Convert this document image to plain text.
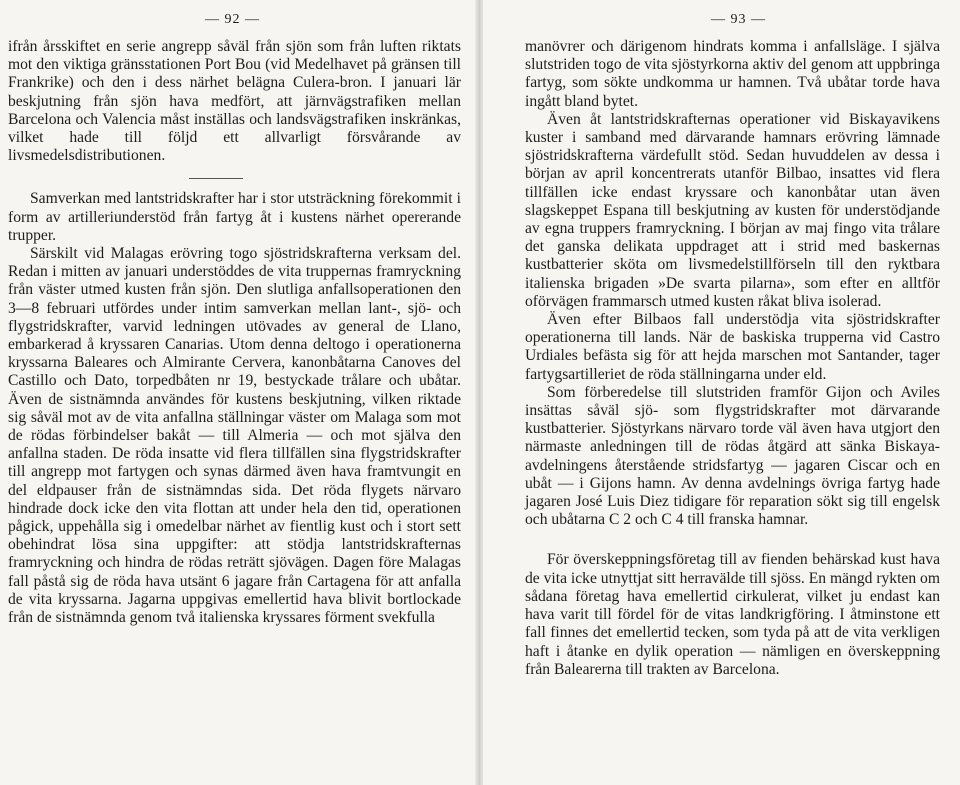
— 92 —

ifrån årsskiftet en serie angrepp såväl från sjön som från luften riktats mot den viktiga gränsstationen Port Bou (vid Medelhavet på gränsen till Frankrike) och den i dess närhet belägna Culera-bron. I januari lär beskjutning från sjön hava medfört, att järnvägstrafiken mellan Barcelona och Valencia måst inställas och landsvägstrafiken inskränkas, vilket hade till följd ett allvarligt försvårande av livsmedelsdistributionen.

Samverkan med lantstridskrafter har i stor utsträckning förekommit i form av artilleriunderstöd från fartyg åt i kustens närhet opererande trupper.

Särskilt vid Malagas erövring togo sjöstridskrafterna verksam del. Redan i mitten av januari understöddes de vita truppernas framryckning från väster utmed kusten från sjön. Den slutliga anfallsoperationen den 3—8 februari utfördes under intim samverkan mellan lant-, sjö- och flygstridskrafter, varvid ledningen utövades av general de Llano, embarkerad å kryssaren Canarias. Utom denna deltogo i operationerna kryssarna Baleares och Almirante Cervera, kanonbåtarna Canoves del Castillo och Dato, torpedbåten nr 19, bestyckade trålare och ubåtar. Även de sistnämnda användes för kustens beskjutning, vilken riktade sig såväl mot av de vita anfallna ställningar väster om Malaga som mot de rödas förbindelser bakåt — till Almeria — och mot själva den anfallna staden. De röda insatte vid flera tillfällen sina flygstridskrafter till angrepp mot fartygen och synas därmed även hava framtvungit en del eldpauser från de sistnämndas sida. Det röda flygets närvaro hindrade dock icke den vita flottan att under hela den tid, operationen pågick, uppehålla sig i omedelbar närhet av fientlig kust och i stort sett obehindrat lösa sina uppgifter: att stödja lantstridskrafternas framryckning och hindra de rödas reträtt sjövägen. Dagen före Malagas fall påstå sig de röda hava utsänt 6 jagare från Cartagena för att anfalla de vita kryssarna. Jagarna uppgivas emellertid hava blivit bortlockade från de sistnämnda genom två italienska kryssares förment svekfulla

— 93 —

manövrer och därigenom hindrats komma i anfallsläge. I själva slutstriden togo de vita sjöstyrkorna aktiv del genom att uppbringa fartyg, som sökte undkomma ur hamnen. Två ubåtar torde hava ingått bland bytet.

Även åt lantstridskrafternas operationer vid Biskayavikens kuster i samband med därvarande hamnars erövring lämnade sjöstridskrafterna värdefullt stöd. Sedan huvuddelen av dessa i början av april koncentrerats utanför Bilbao, insattes vid flera tillfällen icke endast kryssare och kanonbåtar utan även slagskeppet Espana till beskjutning av kusten för understödjande av egna truppers framryckning. I början av maj fingo vita trålare det ganska delikata uppdraget att i strid med baskernas kustbatterier sköta om livsmedelstillförseln till den ryktbara italienska brigaden »De svarta pilarna», som efter en alltför oförvägen frammarsch utmed kusten råkat bliva isolerad.

Även efter Bilbaos fall understödja vita sjöstridskrafter operationerna till lands. När de baskiska trupperna vid Castro Urdiales befästa sig för att hejda marschen mot Santander, tager fartygsartilleriet de röda ställningarna under eld.

Som förberedelse till slutstriden framför Gijon och Aviles insättas såväl sjö- som flygstridskrafter mot därvarande kustbatterier. Sjöstyrkans närvaro torde väl även hava utgjort den närmaste anledningen till de rödas åtgärd att sänka Biskaya-avdelningens återstående stridsfartyg — jagaren Ciscar och en ubåt — i Gijons hamn. Av denna avdelnings övriga fartyg hade jagaren José Luis Diez tidigare för reparation sökt sig till engelsk och ubåtarna C 2 och C 4 till franska hamnar.

För överskeppningsföretag till av fienden behärskad kust hava de vita icke utnyttjat sitt herravälde till sjöss. En mängd rykten om sådana företag hava emellertid cirkulerat, vilket ju endast kan hava varit till fördel för de vitas landkrigföring. I åtminstone ett fall finnes det emellertid tecken, som tyda på att de vita verkligen haft i åtanke en dylik operation — nämligen en överskeppning från Balearerna till trakten av Barcelona.
